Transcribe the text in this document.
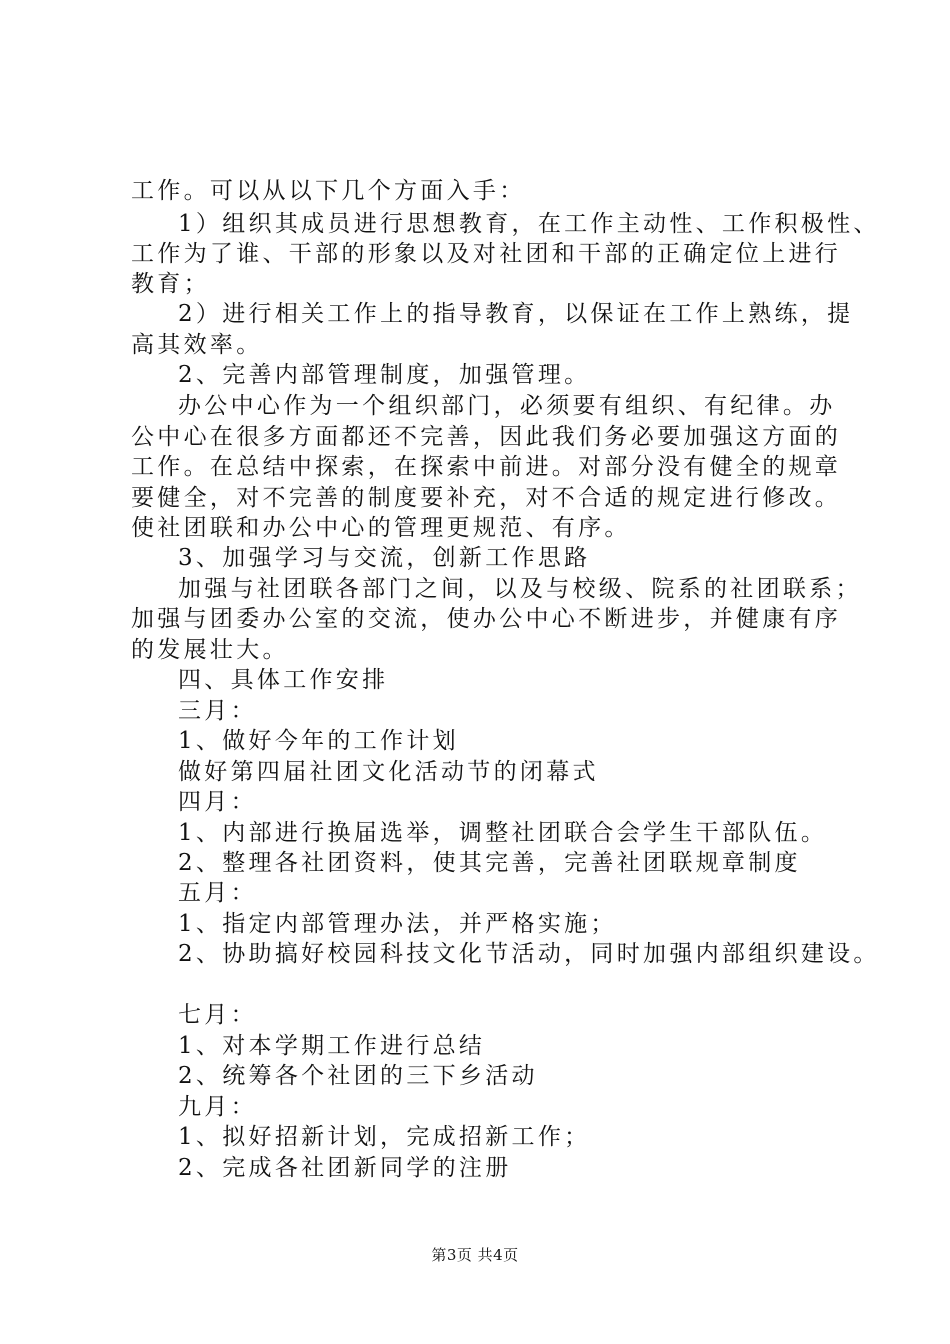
工作。可以从以下几个方面入手：
1）组织其成员进行思想教育，在工作主动性、工作积极性、
工作为了谁、干部的形象以及对社团和干部的正确定位上进行
教育；
2）进行相关工作上的指导教育，以保证在工作上熟练，提
高其效率。
2、完善内部管理制度，加强管理。
办公中心作为一个组织部门，必须要有组织、有纪律。办
公中心在很多方面都还不完善，因此我们务必要加强这方面的
工作。在总结中探索，在探索中前进。对部分没有健全的规章
要健全，对不完善的制度要补充，对不合适的规定进行修改。
使社团联和办公中心的管理更规范、有序。
3、加强学习与交流，创新工作思路
加强与社团联各部门之间，以及与校级、院系的社团联系；
加强与团委办公室的交流，使办公中心不断进步，并健康有序
的发展壮大。
四、具体工作安排
三月：
1、做好今年的工作计划
做好第四届社团文化活动节的闭幕式
四月：
1、内部进行换届选举，调整社团联合会学生干部队伍。
2、整理各社团资料，使其完善，完善社团联规章制度
五月：
1、指定内部管理办法，并严格实施；
2、协助搞好校园科技文化节活动，同时加强内部组织建设。
七月：
1、对本学期工作进行总结
2、统筹各个社团的三下乡活动
九月：
1、拟好招新计划，完成招新工作；
2、完成各社团新同学的注册
第3页 共4页
